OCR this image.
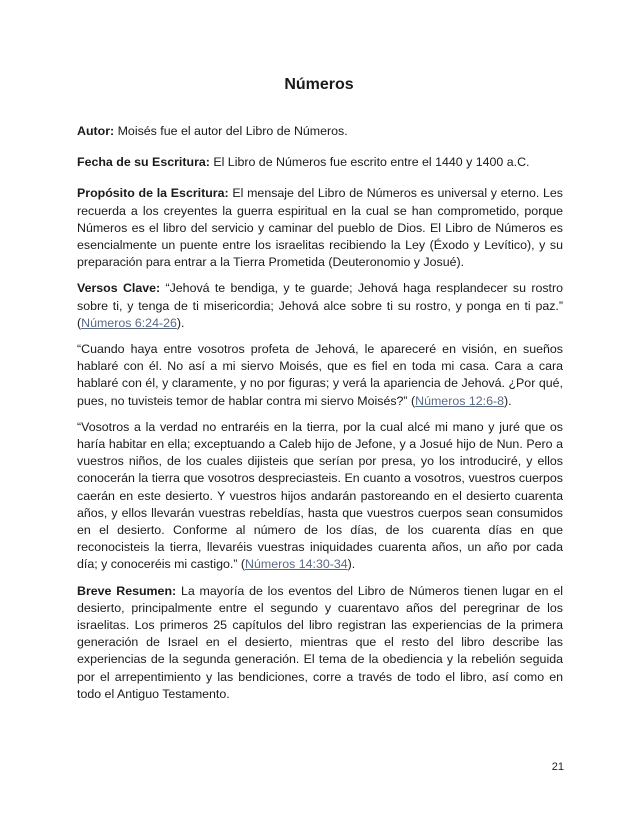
Números

Autor: Moisés fue el autor del Libro de Números.

Fecha de su Escritura: El Libro de Números fue escrito entre el 1440 y 1400 a.C.

Propósito de la Escritura: El mensaje del Libro de Números es universal y eterno. Les recuerda a los creyentes la guerra espiritual en la cual se han comprometido, porque Números es el libro del servicio y caminar del pueblo de Dios. El Libro de Números es esencialmente un puente entre los israelitas recibiendo la Ley (Éxodo y Levítico), y su preparación para entrar a la Tierra Prometida (Deuteronomio y Josué).

Versos Clave: “Jehová te bendiga, y te guarde; Jehová haga resplandecer su rostro sobre ti, y tenga de ti misericordia; Jehová alce sobre ti su rostro, y ponga en ti paz.” (Números 6:24-26).

“Cuando haya entre vosotros profeta de Jehová, le apareceré en visión, en sueños hablaré con él. No así a mi siervo Moisés, que es fiel en toda mi casa. Cara a cara hablaré con él, y claramente, y no por figuras; y verá la apariencia de Jehová. ¿Por qué, pues, no tuvisteis temor de hablar contra mi siervo Moisés?” (Números 12:6-8).

“Vosotros a la verdad no entraréis en la tierra, por la cual alcé mi mano y juré que os haría habitar en ella; exceptuando a Caleb hijo de Jefone, y a Josué hijo de Nun. Pero a vuestros niños, de los cuales dijisteis que serían por presa, yo los introduciré, y ellos conocerán la tierra que vosotros despreciasteis. En cuanto a vosotros, vuestros cuerpos caerán en este desierto. Y vuestros hijos andarán pastoreando en el desierto cuarenta años, y ellos llevarán vuestras rebeldías, hasta que vuestros cuerpos sean consumidos en el desierto. Conforme al número de los días, de los cuarenta días en que reconocisteis la tierra, llevaréis vuestras iniquidades cuarenta años, un año por cada día; y conoceréis mi castigo.” (Números 14:30-34).

Breve Resumen: La mayoría de los eventos del Libro de Números tienen lugar en el desierto, principalmente entre el segundo y cuarentavo años del peregrinar de los israelitas. Los primeros 25 capítulos del libro registran las experiencias de la primera generación de Israel en el desierto, mientras que el resto del libro describe las experiencias de la segunda generación. El tema de la obediencia y la rebelión seguida por el arrepentimiento y las bendiciones, corre a través de todo el libro, así como en todo el Antiguo Testamento.

21
